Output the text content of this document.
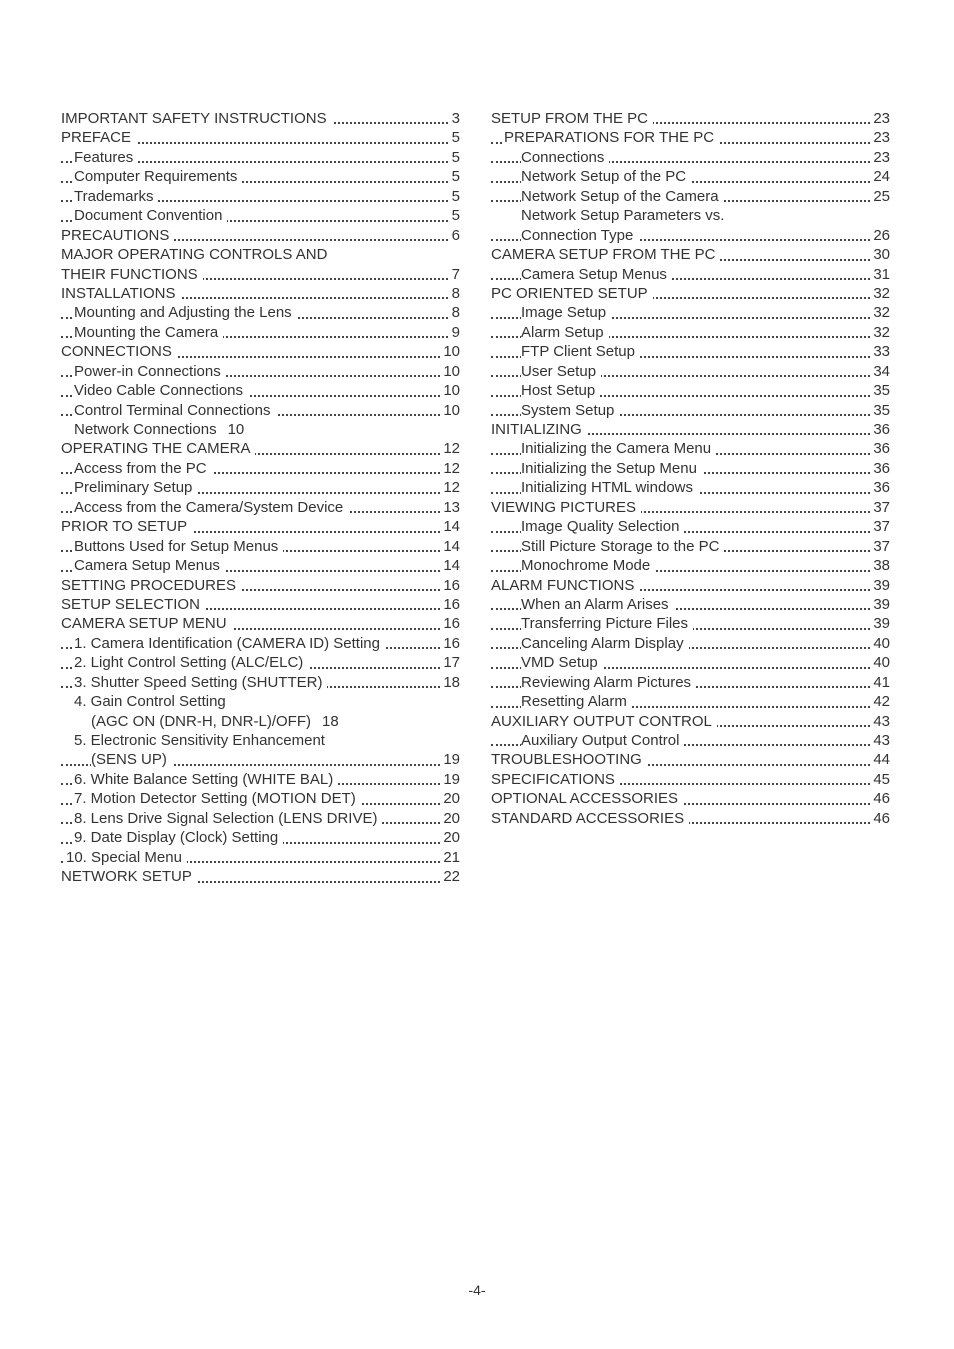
IMPORTANT SAFETY INSTRUCTIONS	3
PREFACE	5
Features	5
Computer Requirements	5
Trademarks	5
Document Convention	5
PRECAUTIONS	6
MAJOR OPERATING CONTROLS AND
THEIR FUNCTIONS	7
INSTALLATIONS	8
Mounting and Adjusting the Lens	8
Mounting the Camera	9
CONNECTIONS	10
Power-in Connections	10
Video Cable Connections	10
Control Terminal Connections	10
Network Connections 10
OPERATING THE CAMERA	12
Access from the PC	12
Preliminary Setup	12
Access from the Camera/System Device	13
PRIOR TO SETUP	14
Buttons Used for Setup Menus	14
Camera Setup Menus	14
SETTING PROCEDURES	16
SETUP SELECTION	16
CAMERA SETUP MENU	16
1. Camera Identification (CAMERA ID) Setting	16
2. Light Control Setting (ALC/ELC)	17
3. Shutter Speed Setting (SHUTTER)	18
4. Gain Control Setting
(AGC ON (DNR-H, DNR-L)/OFF) 18
5. Electronic Sensitivity Enhancement
(SENS UP)	19
6. White Balance Setting (WHITE BAL)	19
7. Motion Detector Setting (MOTION DET)	20
8. Lens Drive Signal Selection (LENS DRIVE)	20
9. Date Display (Clock) Setting	20
10. Special Menu	21
NETWORK SETUP	22
SETUP FROM THE PC	23
PREPARATIONS FOR THE PC	23
Connections	23
Network Setup of the PC	24
Network Setup of the Camera	25
Network Setup Parameters vs.
Connection Type	26
CAMERA SETUP FROM THE PC	30
Camera Setup Menus	31
PC ORIENTED SETUP	32
Image Setup	32
Alarm Setup	32
FTP Client Setup	33
User Setup	34
Host Setup	35
System Setup	35
INITIALIZING	36
Initializing the Camera Menu	36
Initializing the Setup Menu	36
Initializing HTML windows	36
VIEWING PICTURES	37
Image Quality Selection	37
Still Picture Storage to the PC	37
Monochrome Mode	38
ALARM FUNCTIONS	39
When an Alarm Arises	39
Transferring Picture Files	39
Canceling Alarm Display	40
VMD Setup	40
Reviewing Alarm Pictures	41
Resetting Alarm	42
AUXILIARY OUTPUT CONTROL	43
Auxiliary Output Control	43
TROUBLESHOOTING	44
SPECIFICATIONS	45
OPTIONAL ACCESSORIES	46
STANDARD ACCESSORIES	46
-4-
